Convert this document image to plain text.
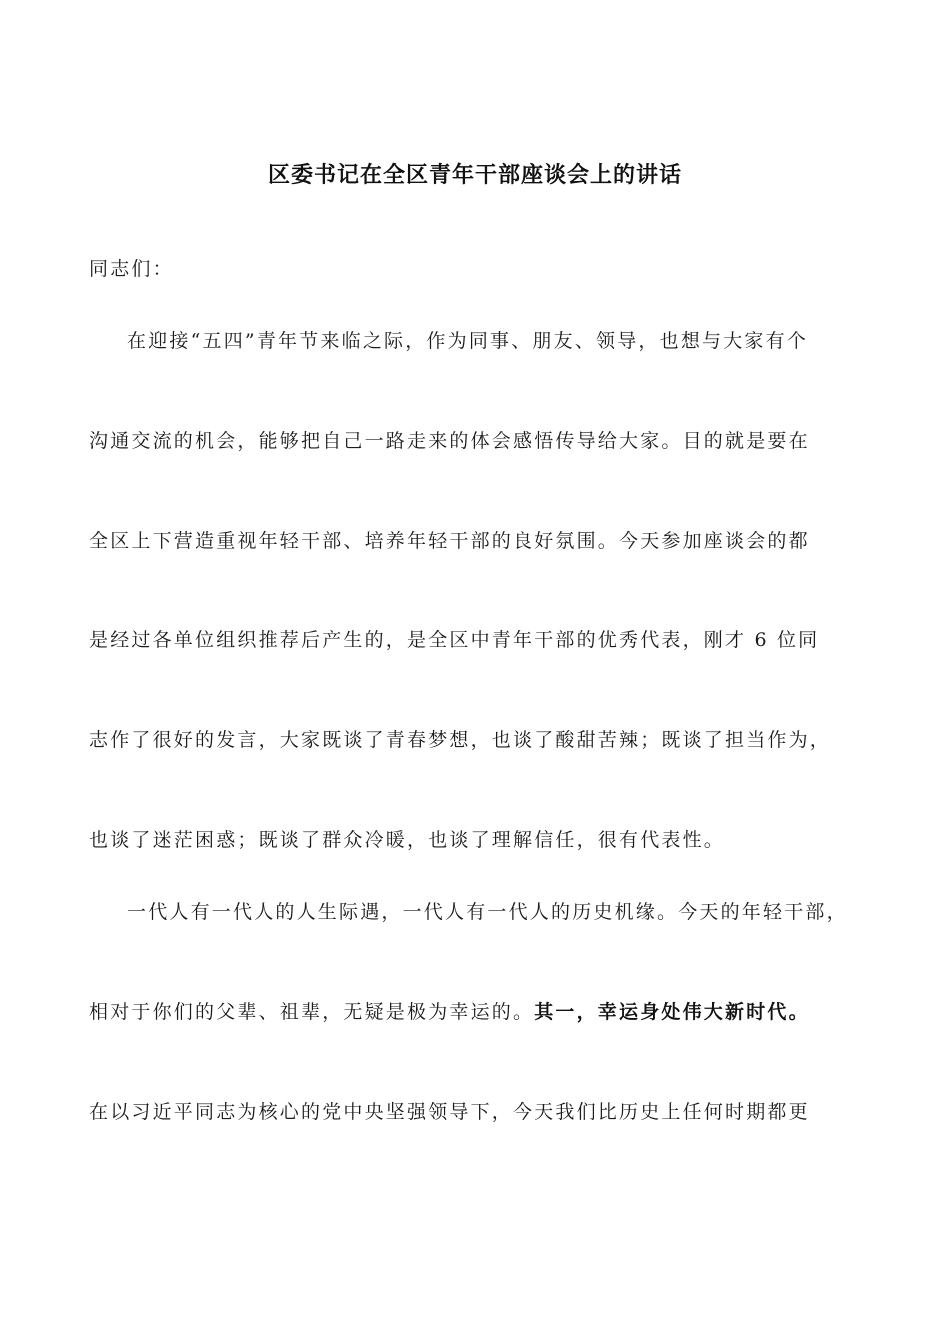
区委书记在全区青年干部座谈会上的讲话
同志们：
在迎接“五四”青年节来临之际，作为同事、朋友、领导，也想与大家有个
沟通交流的机会，能够把自己一路走来的体会感悟传导给大家。目的就是要在
全区上下营造重视年轻干部、培养年轻干部的良好氛围。今天参加座谈会的都
是经过各单位组织推荐后产生的，是全区中青年干部的优秀代表，刚才 6 位同
志作了很好的发言，大家既谈了青春梦想，也谈了酸甜苦辣；既谈了担当作为，
也谈了迷茫困惑；既谈了群众冷暖，也谈了理解信任，很有代表性。
一代人有一代人的人生际遇，一代人有一代人的历史机缘。今天的年轻干部，
相对于你们的父辈、祖辈，无疑是极为幸运的。其一，幸运身处伟大新时代。
在以习近平同志为核心的党中央坚强领导下，今天我们比历史上任何时期都更
